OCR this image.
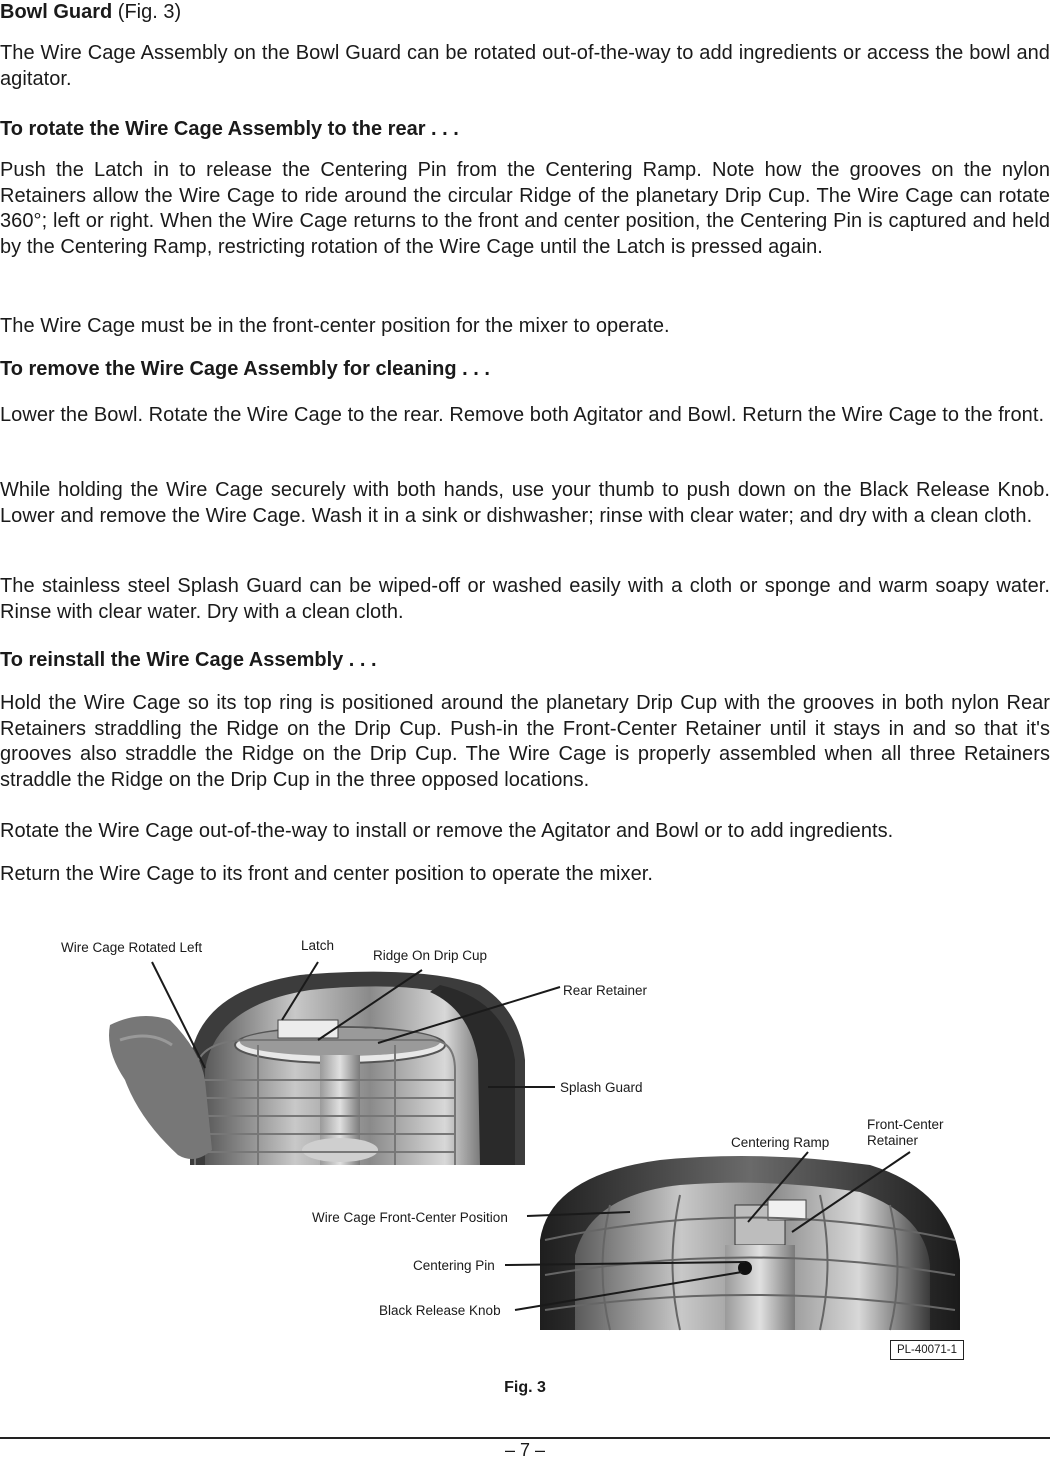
Bowl Guard (Fig. 3)

The Wire Cage Assembly on the Bowl Guard can be rotated out-of-the-way to add ingredients or access the bowl and agitator.

To rotate the Wire Cage Assembly to the rear . . .

Push the Latch in to release the Centering Pin from the Centering Ramp. Note how the grooves on the nylon Retainers allow the Wire Cage to ride around the circular Ridge of the planetary Drip Cup. The Wire Cage can rotate 360°; left or right. When the Wire Cage returns to the front and center position, the Centering Pin is captured and held by the Centering Ramp, restricting rotation of the Wire Cage until the Latch is pressed again.

The Wire Cage must be in the front-center position for the mixer to operate.

To remove the Wire Cage Assembly for cleaning . . .

Lower the Bowl. Rotate the Wire Cage to the rear. Remove both Agitator and Bowl. Return the Wire Cage to the front.

While holding the Wire Cage securely with both hands, use your thumb to push down on the Black Release Knob. Lower and remove the Wire Cage. Wash it in a sink or dishwasher; rinse with clear water; and dry with a clean cloth.

The stainless steel Splash Guard can be wiped-off or washed easily with a cloth or sponge and warm soapy water. Rinse with clear water. Dry with a clean cloth.

To reinstall the Wire Cage Assembly . . .

Hold the Wire Cage so its top ring is positioned around the planetary Drip Cup with the grooves in both nylon Rear Retainers straddling the Ridge on the Drip Cup. Push-in the Front-Center Retainer until it stays in and so that it's grooves also straddle the Ridge on the Drip Cup. The Wire Cage is properly assembled when all three Retainers straddle the Ridge on the Drip Cup in the three opposed locations.

Rotate the Wire Cage out-of-the-way to install or remove the Agitator and Bowl or to add ingredients.

Return the Wire Cage to its front and center position to operate the mixer.

Wire Cage Rotated Left	Latch
Ridge On Drip Cup
Rear Retainer
Splash Guard
Centering Ramp
Front-Center
Retainer
Wire Cage Front-Center Position
Centering Pin
Black Release Knob
PL-40071-1
Fig. 3
– 7 –
